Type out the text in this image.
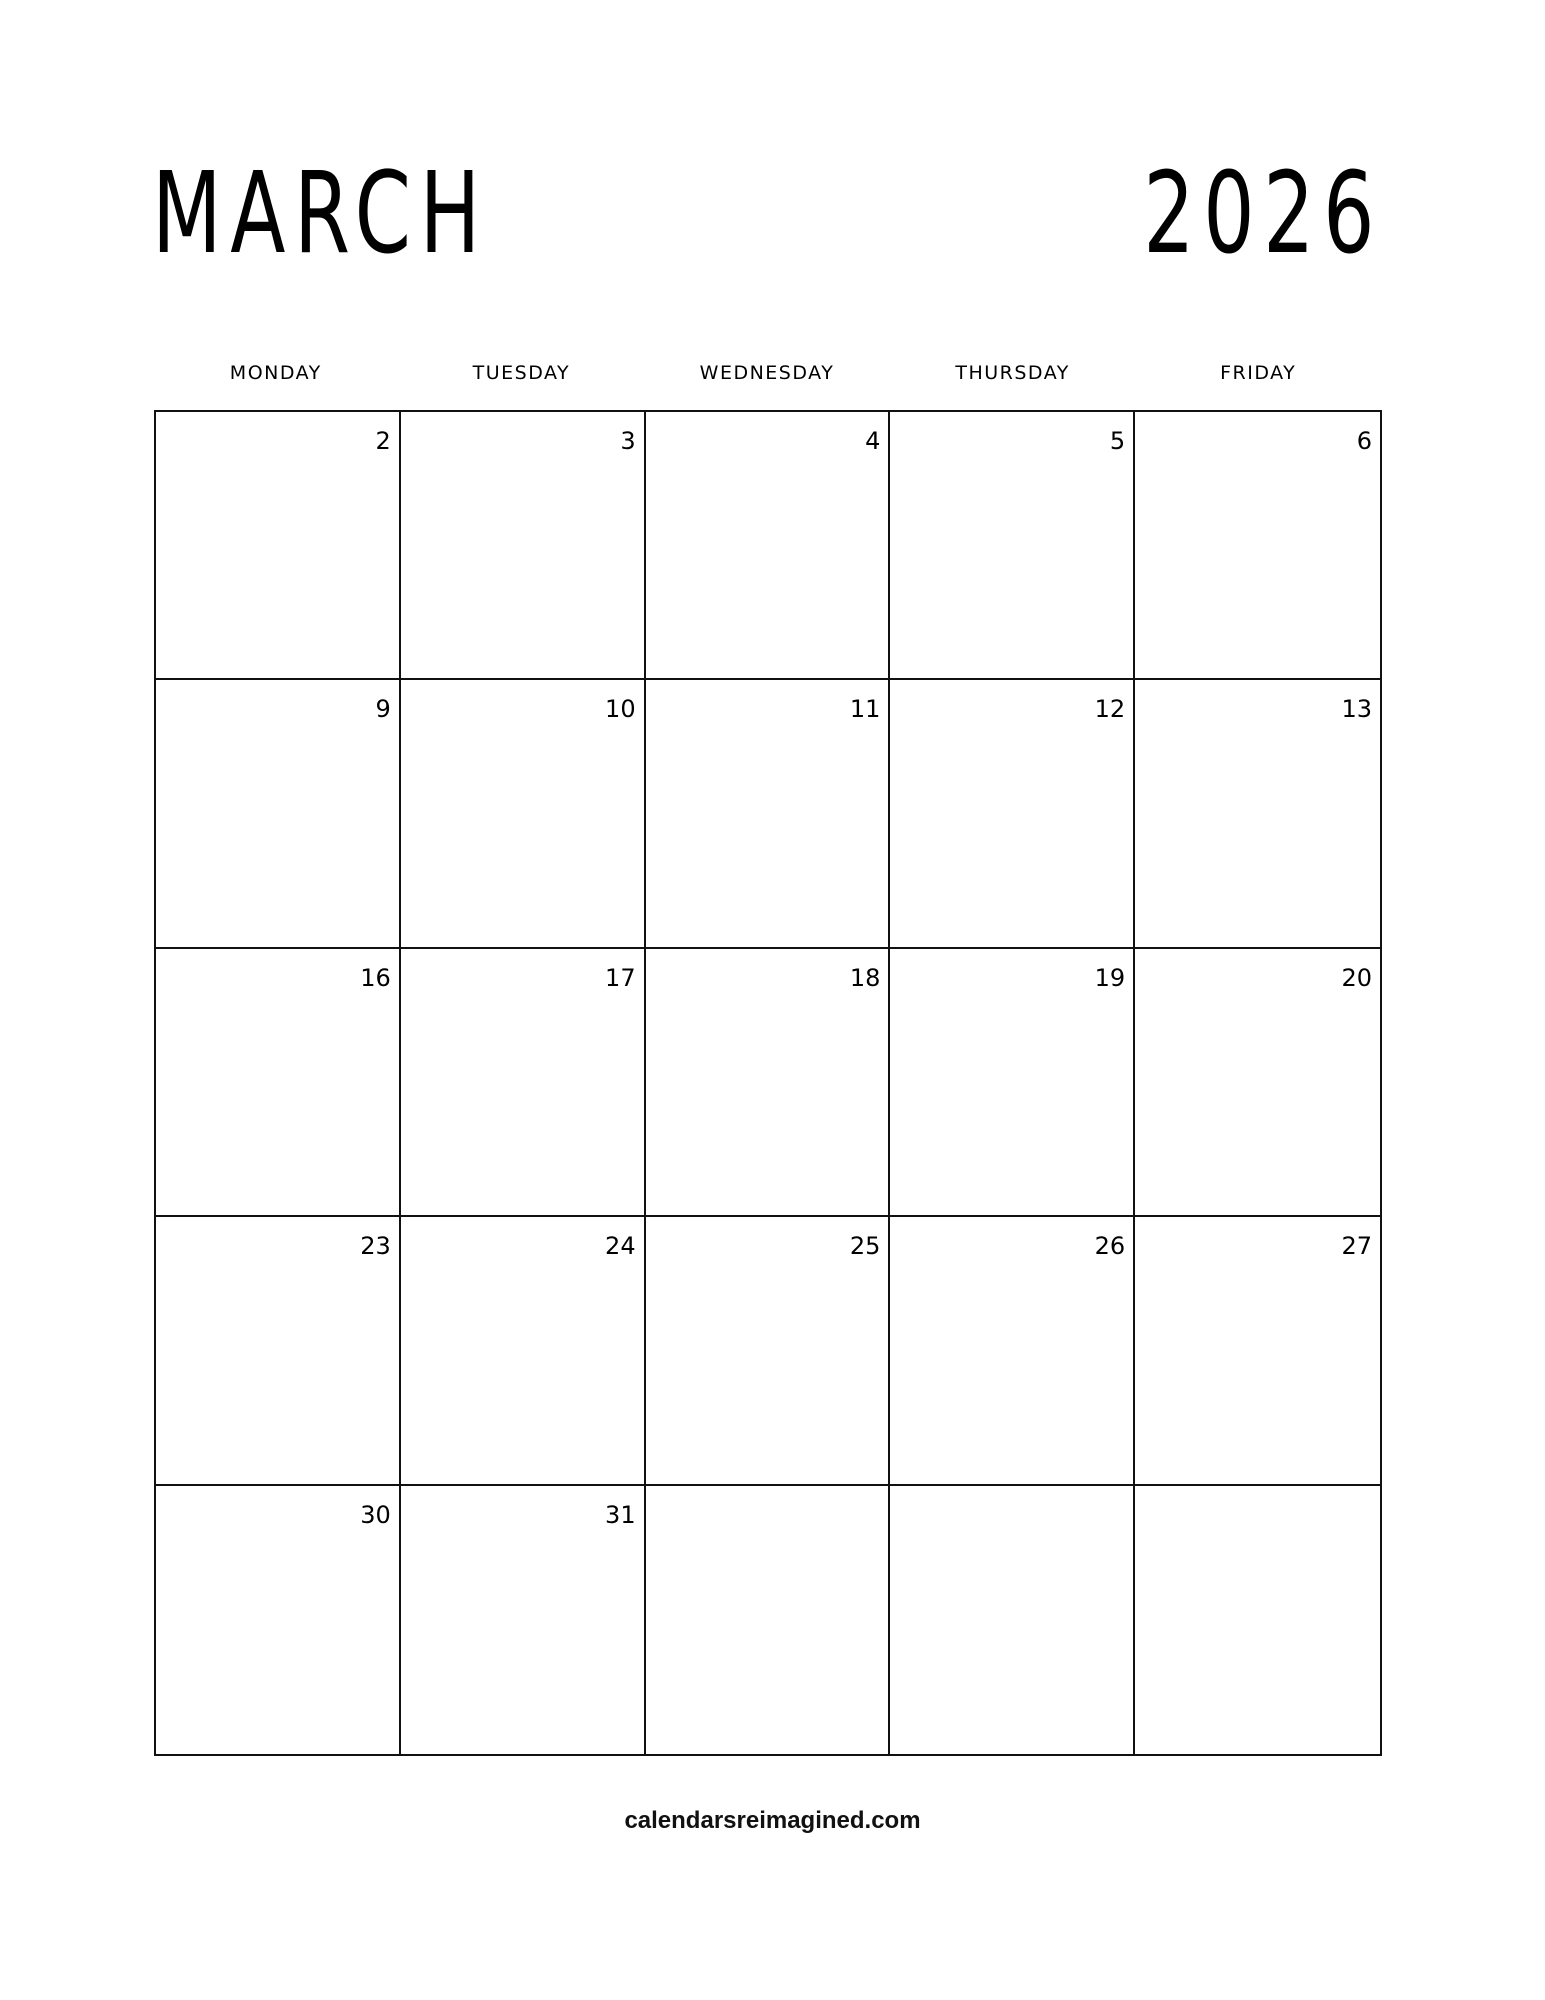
MARCH	2026
MONDAY	TUESDAY	WEDNESDAY	THURSDAY	FRIDAY
2	3	4	5	6
9	10	11	12	13
16	17	18	19	20
23	24	25	26	27
30	31
calendarsreimagined.com
